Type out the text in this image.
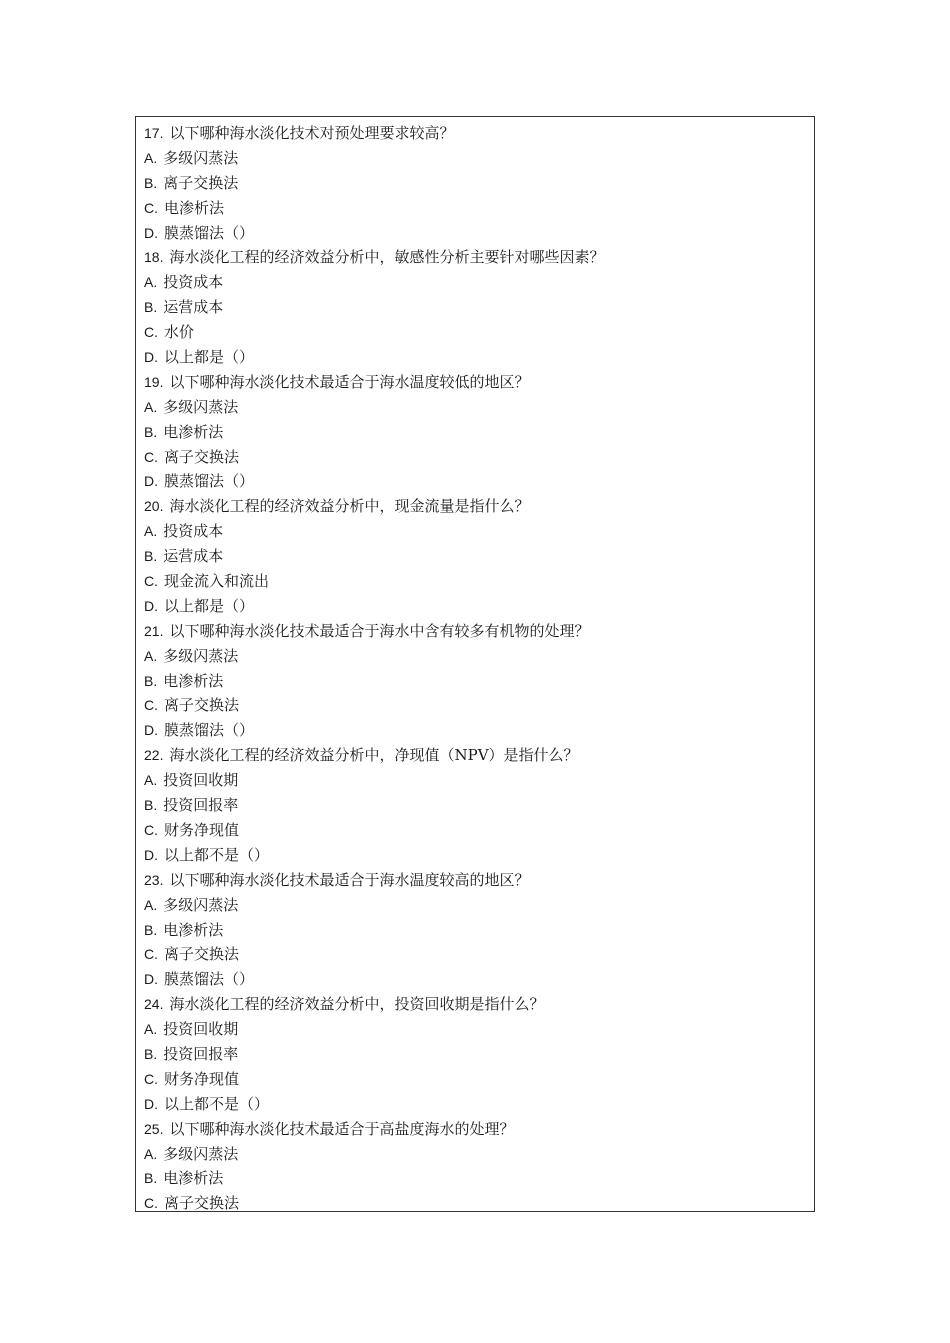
17. 以下哪种海水淡化技术对预处理要求较高？
A. 多级闪蒸法
B. 离子交换法
C. 电渗析法
D. 膜蒸馏法（）
18. 海水淡化工程的经济效益分析中，敏感性分析主要针对哪些因素？
A. 投资成本
B. 运营成本
C. 水价
D. 以上都是（）
19. 以下哪种海水淡化技术最适合于海水温度较低的地区？
A. 多级闪蒸法
B. 电渗析法
C. 离子交换法
D. 膜蒸馏法（）
20. 海水淡化工程的经济效益分析中，现金流量是指什么？
A. 投资成本
B. 运营成本
C. 现金流入和流出
D. 以上都是（）
21. 以下哪种海水淡化技术最适合于海水中含有较多有机物的处理？
A. 多级闪蒸法
B. 电渗析法
C. 离子交换法
D. 膜蒸馏法（）
22. 海水淡化工程的经济效益分析中，净现值（NPV）是指什么？
A. 投资回收期
B. 投资回报率
C. 财务净现值
D. 以上都不是（）
23. 以下哪种海水淡化技术最适合于海水温度较高的地区？
A. 多级闪蒸法
B. 电渗析法
C. 离子交换法
D. 膜蒸馏法（）
24. 海水淡化工程的经济效益分析中，投资回收期是指什么？
A. 投资回收期
B. 投资回报率
C. 财务净现值
D. 以上都不是（）
25. 以下哪种海水淡化技术最适合于高盐度海水的处理？
A. 多级闪蒸法
B. 电渗析法
C. 离子交换法
